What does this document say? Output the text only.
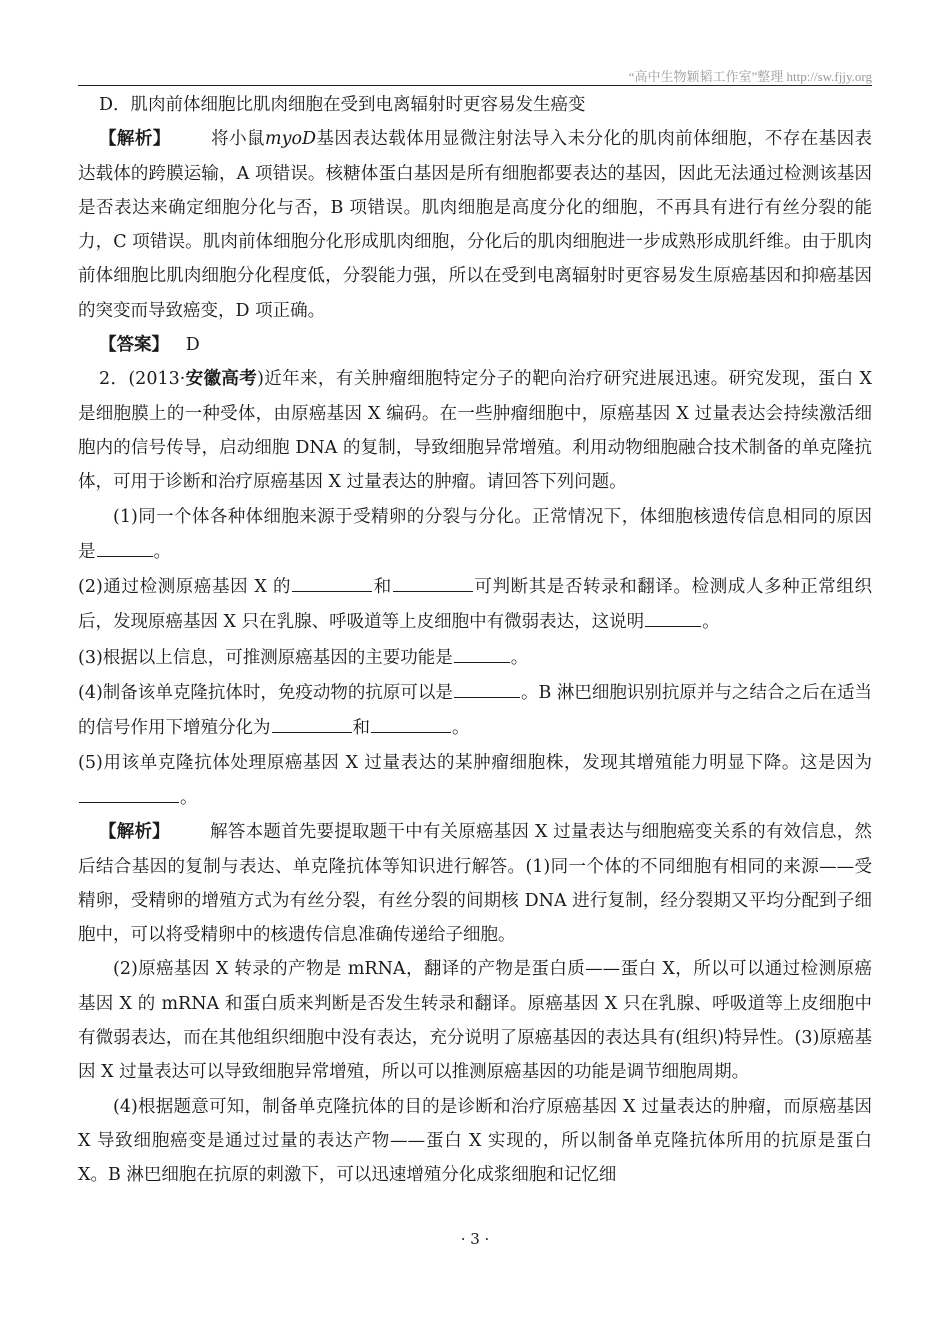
“高中生物颖韬工作室”整理 http://sw.fjjy.org

D．肌肉前体细胞比肌肉细胞在受到电离辐射时更容易发生癌变

【解析】 将小鼠myoD基因表达载体用显微注射法导入未分化的肌肉前体细胞，不存在基因表达载体的跨膜运输，A 项错误。核糖体蛋白基因是所有细胞都要表达的基因，因此无法通过检测该基因是否表达来确定细胞分化与否，B 项错误。肌肉细胞是高度分化的细胞，不再具有进行有丝分裂的能力，C 项错误。肌肉前体细胞分化形成肌肉细胞，分化后的肌肉细胞进一步成熟形成肌纤维。由于肌肉前体细胞比肌肉细胞分化程度低，分裂能力强，所以在受到电离辐射时更容易发生原癌基因和抑癌基因的突变而导致癌变，D 项正确。

【答案】 D

2．(2013·安徽高考)近年来，有关肿瘤细胞特定分子的靶向治疗研究进展迅速。研究发现，蛋白 X 是细胞膜上的一种受体，由原癌基因 X 编码。在一些肿瘤细胞中，原癌基因 X 过量表达会持续激活细胞内的信号传导，启动细胞 DNA 的复制，导致细胞异常增殖。利用动物细胞融合技术制备的单克隆抗体，可用于诊断和治疗原癌基因 X 过量表达的肿瘤。请回答下列问题。

(1)同一个体各种体细胞来源于受精卵的分裂与分化。正常情况下，体细胞核遗传信息相同的原因是	。

(2)通过检测原癌基因 X 的	和	可判断其是否转录和翻译。检测成人多种正常组织后，发现原癌基因 X 只在乳腺、呼吸道等上皮细胞中有微弱表达，这说明	。

(3)根据以上信息，可推测原癌基因的主要功能是	。

(4)制备该单克隆抗体时，免疫动物的抗原可以是	。B 淋巴细胞识别抗原并与之结合之后在适当的信号作用下增殖分化为	和	。

(5)用该单克隆抗体处理原癌基因 X 过量表达的某肿瘤细胞株，发现其增殖能力明显下降。这是因为。

【解析】 解答本题首先要提取题干中有关原癌基因 X 过量表达与细胞癌变关系的有效信息，然后结合基因的复制与表达、单克隆抗体等知识进行解答。(1)同一个体的不同细胞有相同的来源——受精卵，受精卵的增殖方式为有丝分裂，有丝分裂的间期核 DNA 进行复制，经分裂期又平均分配到子细胞中，可以将受精卵中的核遗传信息准确传递给子细胞。

(2)原癌基因 X 转录的产物是 mRNA，翻译的产物是蛋白质——蛋白 X，所以可以通过检测原癌基因 X 的 mRNA 和蛋白质来判断是否发生转录和翻译。原癌基因 X 只在乳腺、呼吸道等上皮细胞中有微弱表达，而在其他组织细胞中没有表达，充分说明了原癌基因的表达具有(组织)特异性。(3)原癌基因 X 过量表达可以导致细胞异常增殖，所以可以推测原癌基因的功能是调节细胞周期。

(4)根据题意可知，制备单克隆抗体的目的是诊断和治疗原癌基因 X 过量表达的肿瘤，而原癌基因 X 导致细胞癌变是通过过量的表达产物——蛋白 X 实现的，所以制备单克隆抗体所用的抗原是蛋白 X。B 淋巴细胞在抗原的刺激下，可以迅速增殖分化成浆细胞和记忆细

· 3 ·
